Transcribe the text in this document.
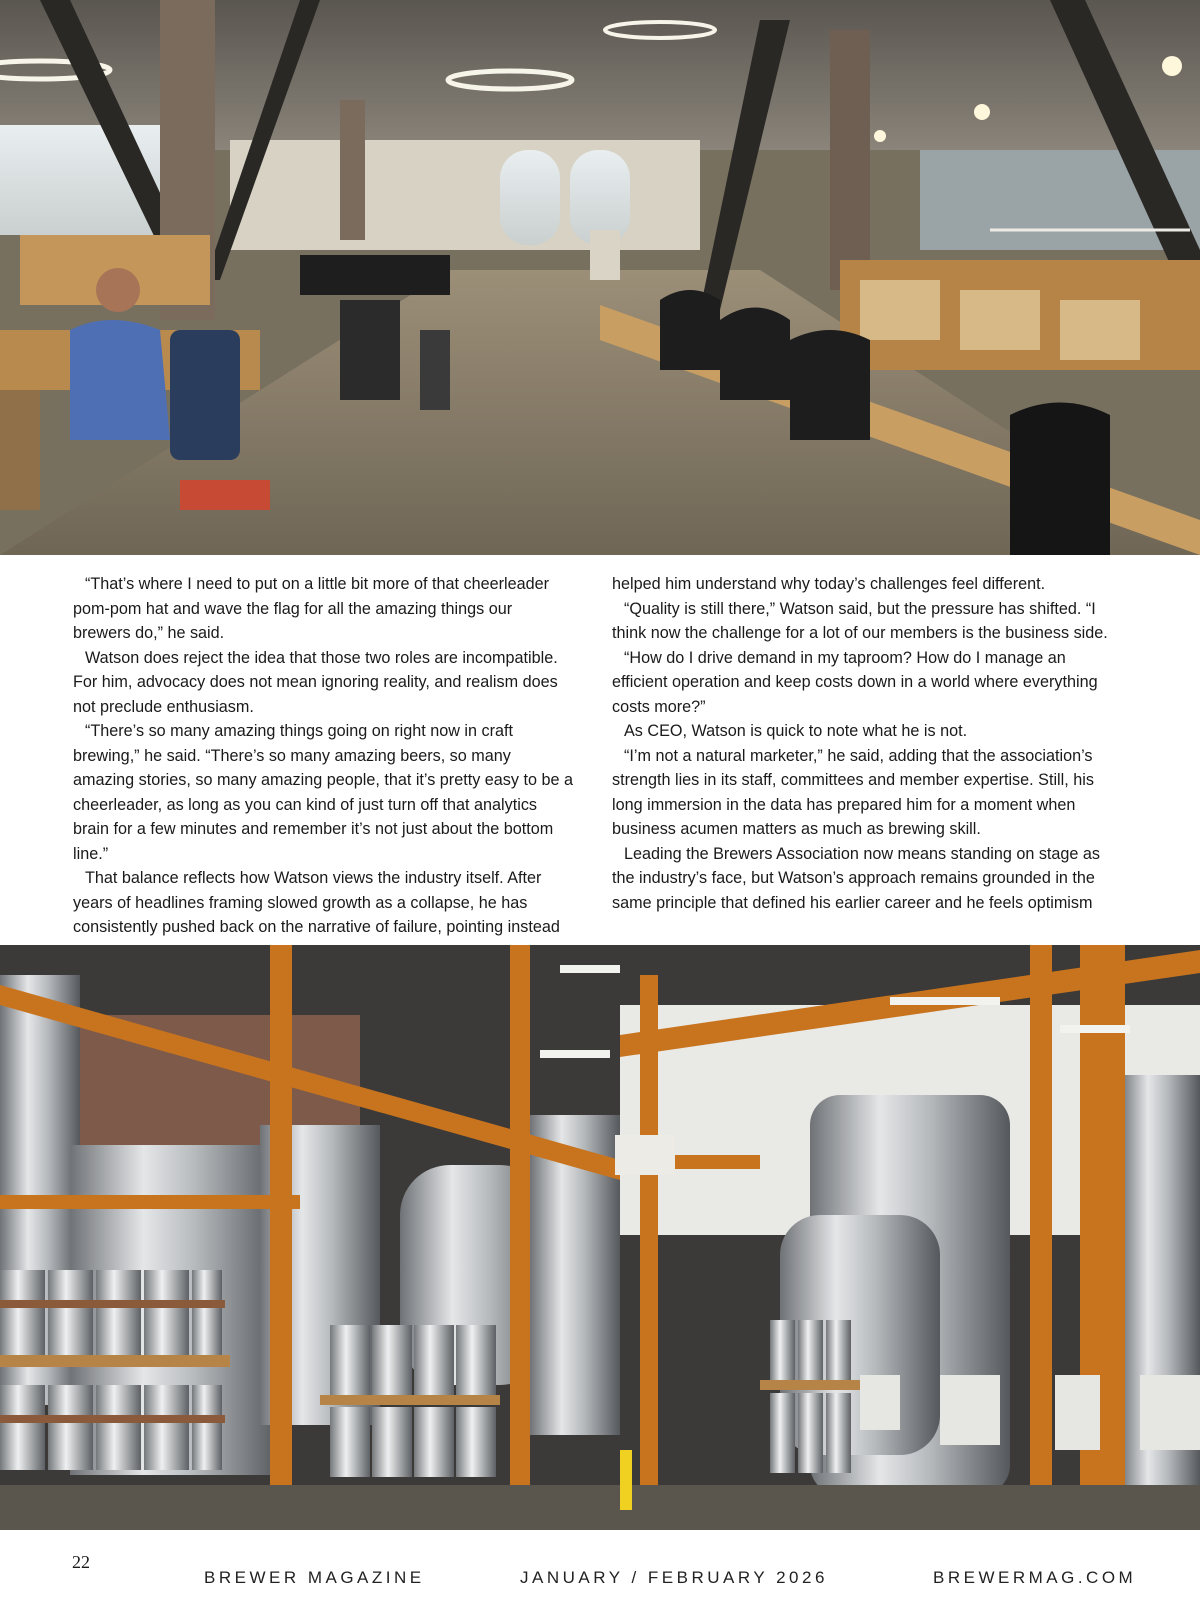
“That’s where I need to put on a little bit more of that cheerleader pom-pom hat and wave the flag for all the amazing things our brewers do,” he said.

Watson does reject the idea that those two roles are incompatible. For him, advocacy does not mean ignoring reality, and realism does not preclude enthusiasm.

“There’s so many amazing things going on right now in craft brewing,” he said. “There’s so many amazing beers, so many amazing stories, so many amazing people, that it’s pretty easy to be a cheerleader, as long as you can kind of just turn off that analytics brain for a few minutes and remember it’s not just about the bottom line.”

That balance reflects how Watson views the industry itself. After years of headlines framing slowed growth as a collapse, he has consistently pushed back on the narrative of failure, pointing instead

helped him understand why today’s challenges feel different.

“Quality is still there,” Watson said, but the pressure has shifted. “I think now the challenge for a lot of our members is the business side.

“How do I drive demand in my taproom? How do I manage an efficient operation and keep costs down in a world where everything costs more?”

As CEO, Watson is quick to note what he is not.

“I’m not a natural marketer,” he said, adding that the association’s strength lies in its staff, committees and member expertise. Still, his long immersion in the data has prepared him for a moment when business acumen matters as much as brewing skill.

Leading the Brewers Association now means standing on stage as the industry’s face, but Watson’s approach remains grounded in the same principle that defined his earlier career and he feels optimism

22
BREWER MAGAZINE	JANUARY / FEBRUARY 2026	BREWERMAG.COM
